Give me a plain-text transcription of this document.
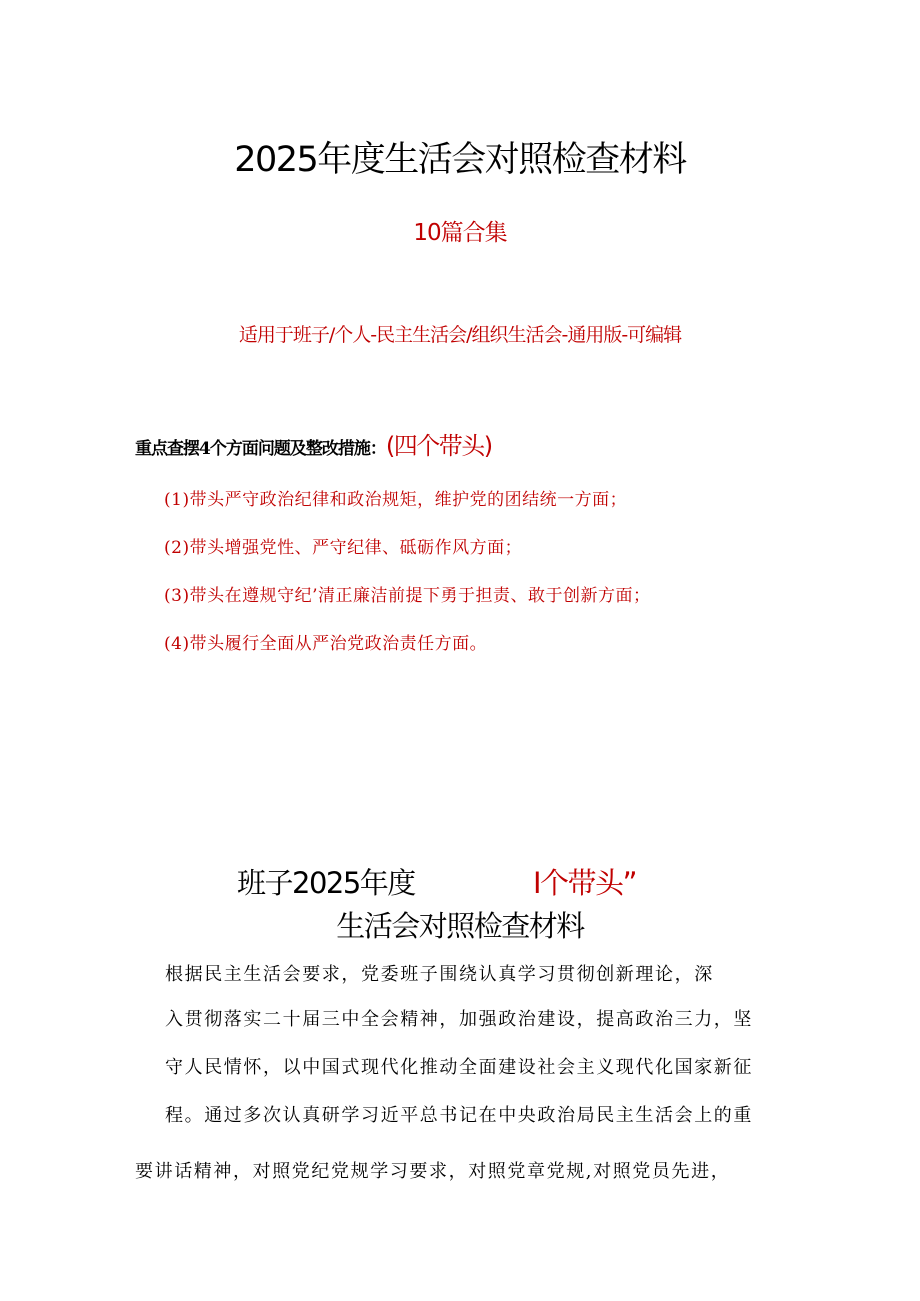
2025年度生活会对照检查材料
10篇合集
适用于班子/个人-民主生活会/组织生活会-通用版-可编辑
重点查摆4个方面问题及整改措施：(四个带头)
(1)带头严守政治纪律和政治规矩，维护党的团结统一方面；
(2)带头增强党性、严守纪律、砥砺作风方面；
(3)带头在遵规守纪’清正廉洁前提下勇于担责、敢于创新方面；
(4)带头履行全面从严治党政治责任方面。
班子2025年度	I个带头”
生活会对照检查材料
根据民主生活会要求，党委班子围绕认真学习贯彻创新理论，深
入贯彻落实二十届三中全会精神，加强政治建设，提高政治三力，坚
守人民情怀，以中国式现代化推动全面建设社会主义现代化国家新征
程。通过多次认真研学习近平总书记在中央政治局民主生活会上的重
要讲话精神，对照党纪党规学习要求，对照党章党规,对照党员先进，
